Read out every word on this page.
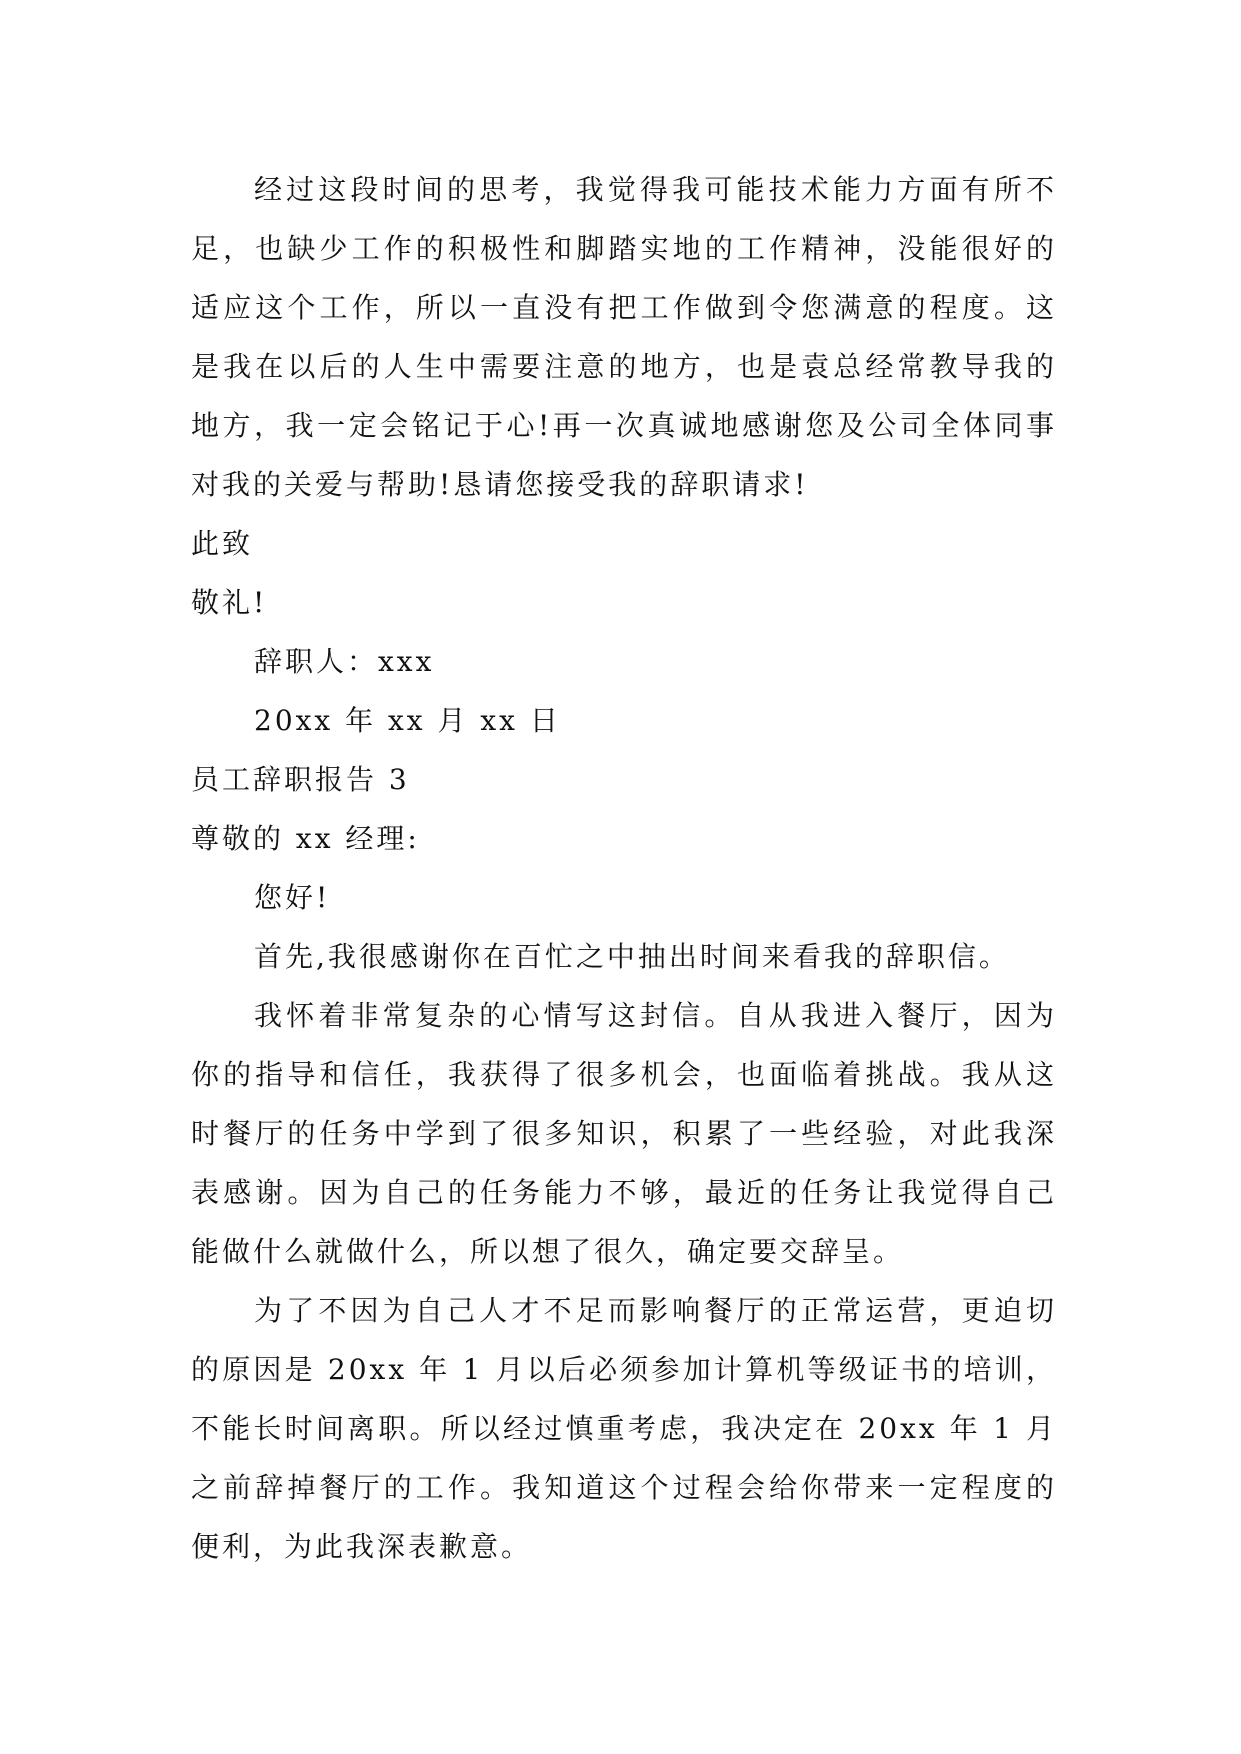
经过这段时间的思考，我觉得我可能技术能力方面有所不足，也缺少工作的积极性和脚踏实地的工作精神，没能很好的适应这个工作，所以一直没有把工作做到令您满意的程度。这是我在以后的人生中需要注意的地方，也是袁总经常教导我的地方，我一定会铭记于心!再一次真诚地感谢您及公司全体同事对我的关爱与帮助!恳请您接受我的辞职请求!

此致

敬礼!

辞职人：xxx

20xx 年 xx 月 xx 日

员工辞职报告 3

尊敬的 xx 经理:

您好!

首先,我很感谢你在百忙之中抽出时间来看我的辞职信。

我怀着非常复杂的心情写这封信。自从我进入餐厅，因为你的指导和信任，我获得了很多机会，也面临着挑战。我从这时餐厅的任务中学到了很多知识，积累了一些经验，对此我深表感谢。因为自己的任务能力不够，最近的任务让我觉得自己能做什么就做什么，所以想了很久，确定要交辞呈。

为了不因为自己人才不足而影响餐厅的正常运营，更迫切的原因是 20xx 年 1 月以后必须参加计算机等级证书的培训，不能长时间离职。所以经过慎重考虑，我决定在 20xx 年 1 月之前辞掉餐厅的工作。我知道这个过程会给你带来一定程度的便利，为此我深表歉意。
